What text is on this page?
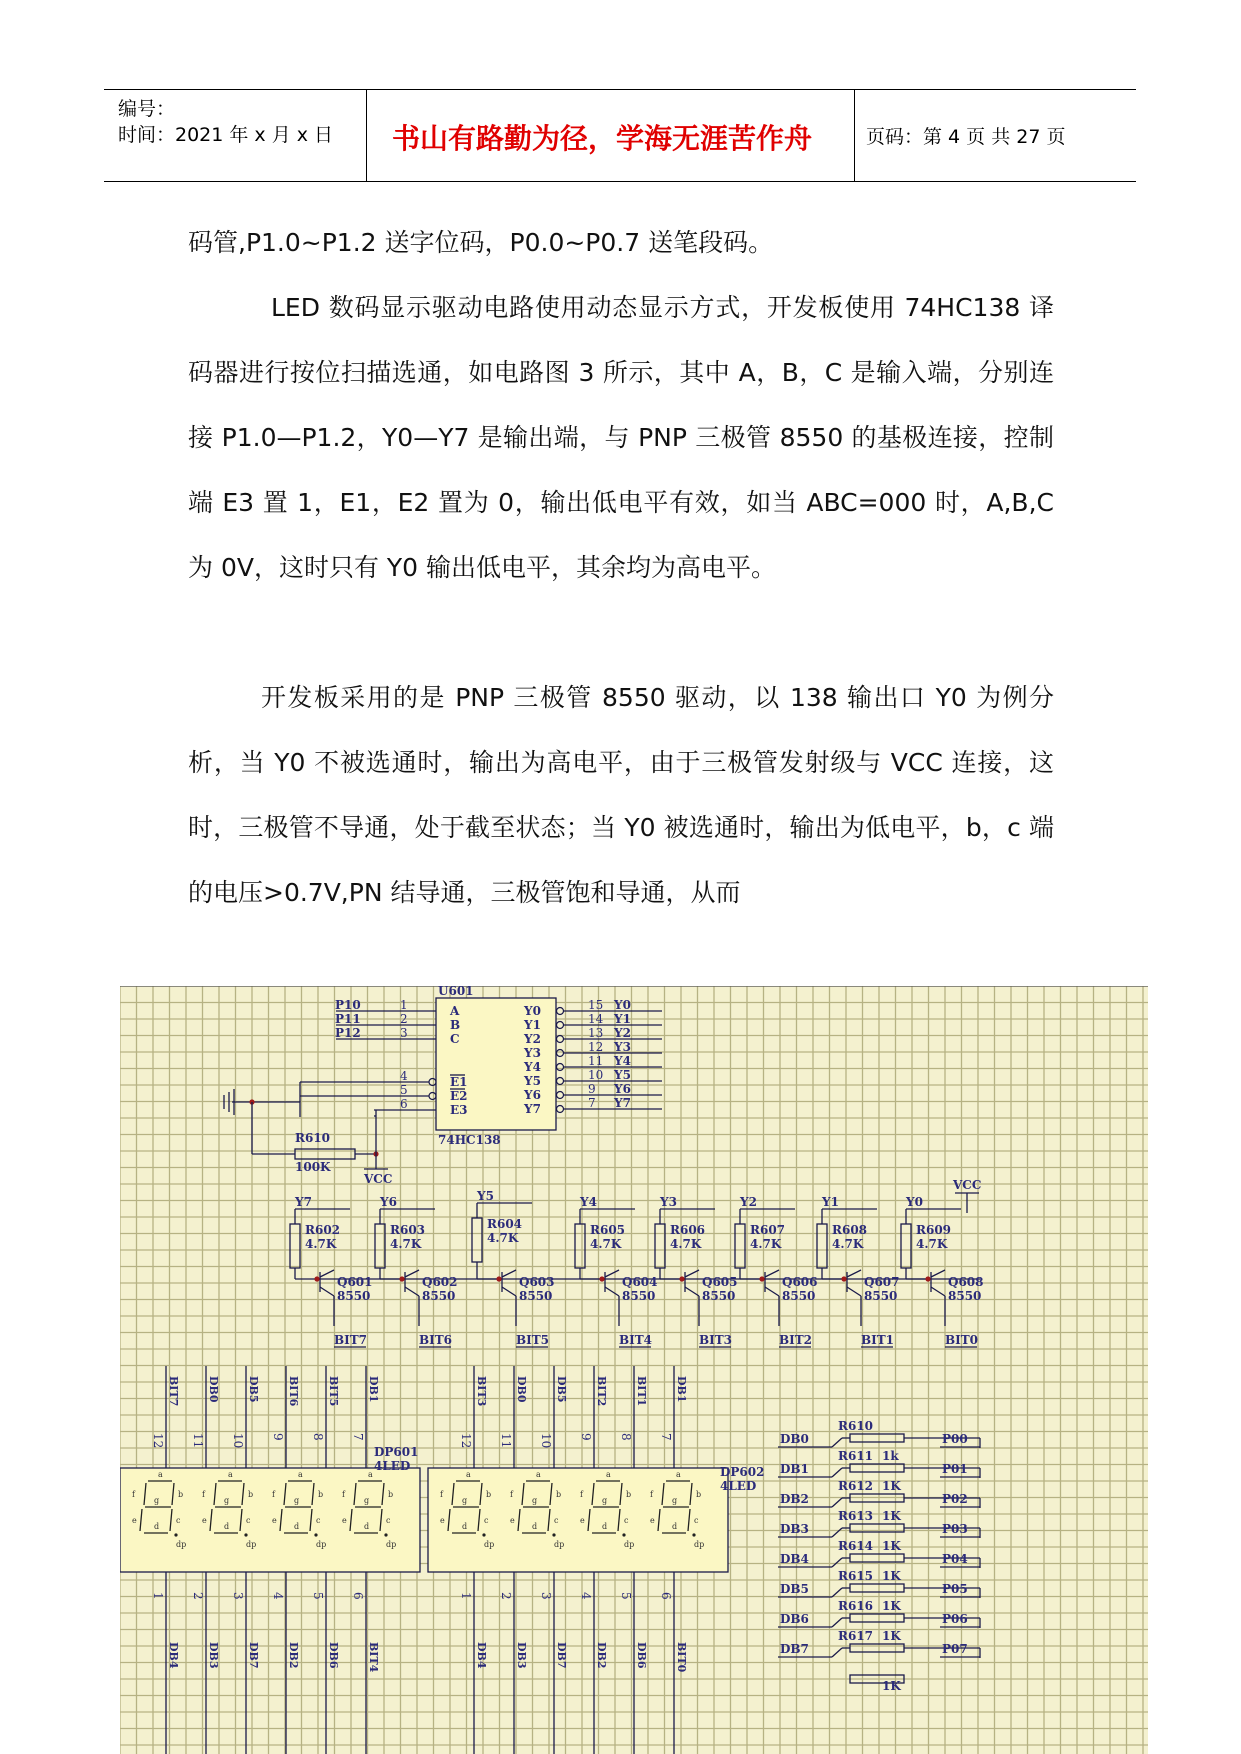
编号：
时间：2021 年 x 月 x 日 书山有路勤为径，学海无涯苦作舟	页码：第 4 页 共 27 页

码管,P1.0~P1.2 送字位码，P0.0~P0.7 送笔段码。

LED 数码显示驱动电路使用动态显示方式，开发板使用 74HC138 译码器进行按位扫描选通，如电路图 3 所示，其中 A，B，C 是输入端，分别连接 P1.0—P1.2，Y0—Y7 是输出端，与 PNP 三极管 8550 的基极连接，控制端 E3 置 1，E1，E2 置为 0，输出低电平有效，如当 ABC=000 时，A,B,C 为 0V，这时只有 Y0 输出低电平，其余均为高电平。

开发板采用的是 PNP 三极管 8550 驱动，以 138 输出口 Y0 为例分析，当 Y0 不被选通时，输出为高电平，由于三极管发射级与 VCC 连接，这时，三极管不导通，处于截至状态；当 Y0 被选通时，输出为低电平，b，c 端的电压>0.7V,PN 结导通，三极管饱和导通，从而

U601
74HC138
P10	1	A
P11	2	B
P12	3	C
4	E1
5	E2
6	E3
R610
100K
VCC
Y0	15 Y0
Y1	14 Y1
Y2	13 Y2
Y3	12 Y3
Y4	11 Y4
Y5	10 Y5
Y6	9 Y6
Y7	7 Y7
VCC
Y7
R602
4.7K
Q601
8550
BIT7
Y6
R603
4.7K
Q602
8550
BIT6
Y5
R604
4.7K
Q603
8550
BIT5
Y4
R605
4.7K
Q604
8550
BIT4
Y3
R606
4.7K
Q605
8550
BIT3
Y2
R607
4.7K
Q606
8550
BIT2
Y1
R608
4.7K
Q607
8550
BIT1
Y0
R609
4.7K
Q608
8550
BIT0
BIT7
12
DB0
11
DB5
10
BIT6
9
BIT5
8
DB1
7
1
DB4
2
DB3
3
DB7
4
DB2
5
DB6
6
BIT4
a
b
c
d
e
f
g
dp
a
b
c
d
e
f
g
dp
a
b
c
d
e
f
g
dp
a
b
c
d
e
f
g
dp
DP601
4LED
BIT3
12
DB0
11
DB5
10
BIT2
9
BIT1
8
DB1
7
1
DB4
2
DB3
3
DB7
4
DB2
5
DB6
6
BIT0
a
b
c
d
e
f
g
dp
a
b
c
d
e
f
g
dp
a
b
c
d
e
f
g
dp
a
b
c
d
e
f
g
dp
DP602
4LED
DB0
R610
P00
DB1
R611 1k
P01
DB2
R612 1K
P02
DB3
R613 1K
P03
DB4
R614 1K
P04
DB5
R615 1K
P05
DB6
R616 1K
P06
DB7
R617 1K
P07
1K
